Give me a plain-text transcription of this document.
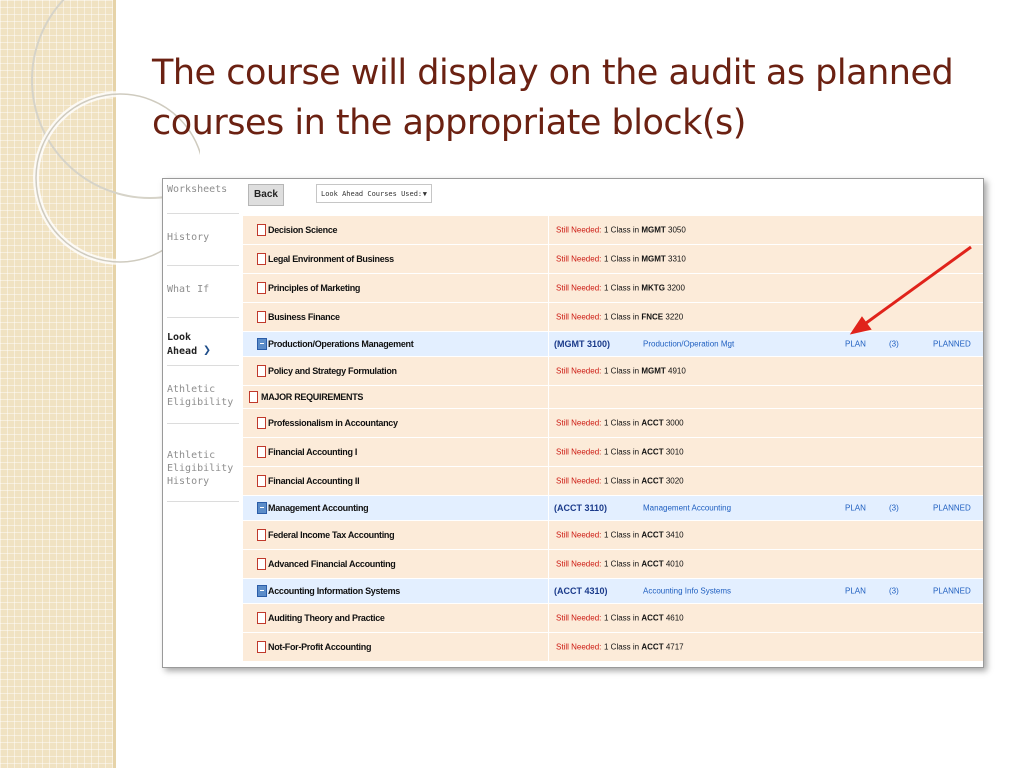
The course will display on the audit as planned courses in the appropriate block(s)
Worksheets
History
What If
Look Ahead ❯
Athletic Eligibility
Athletic Eligibility History
Back	Look Ahead Courses Used: ▼
Decision Science	Still Needed: 1 Class in MGMT 3050
Legal Environment of Business	Still Needed: 1 Class in MGMT 3310
Principles of Marketing	Still Needed: 1 Class in MKTG 3200
Business Finance	Still Needed: 1 Class in FNCE 3220
Production/Operations Management	(MGMT 3100)	Production/Operation Mgt	PLAN	(3)	PLANNED
Policy and Strategy Formulation	Still Needed: 1 Class in MGMT 4910
MAJOR REQUIREMENTS
Professionalism in Accountancy	Still Needed: 1 Class in ACCT 3000
Financial Accounting I	Still Needed: 1 Class in ACCT 3010
Financial Accounting II	Still Needed: 1 Class in ACCT 3020
Management Accounting	(ACCT 3110)	Management Accounting	PLAN	(3)	PLANNED
Federal Income Tax Accounting	Still Needed: 1 Class in ACCT 3410
Advanced Financial Accounting	Still Needed: 1 Class in ACCT 4010
Accounting Information Systems	(ACCT 4310)	Accounting Info Systems	PLAN	(3)	PLANNED
Auditing Theory and Practice	Still Needed: 1 Class in ACCT 4610
Not-For-Profit Accounting	Still Needed: 1 Class in ACCT 4717
